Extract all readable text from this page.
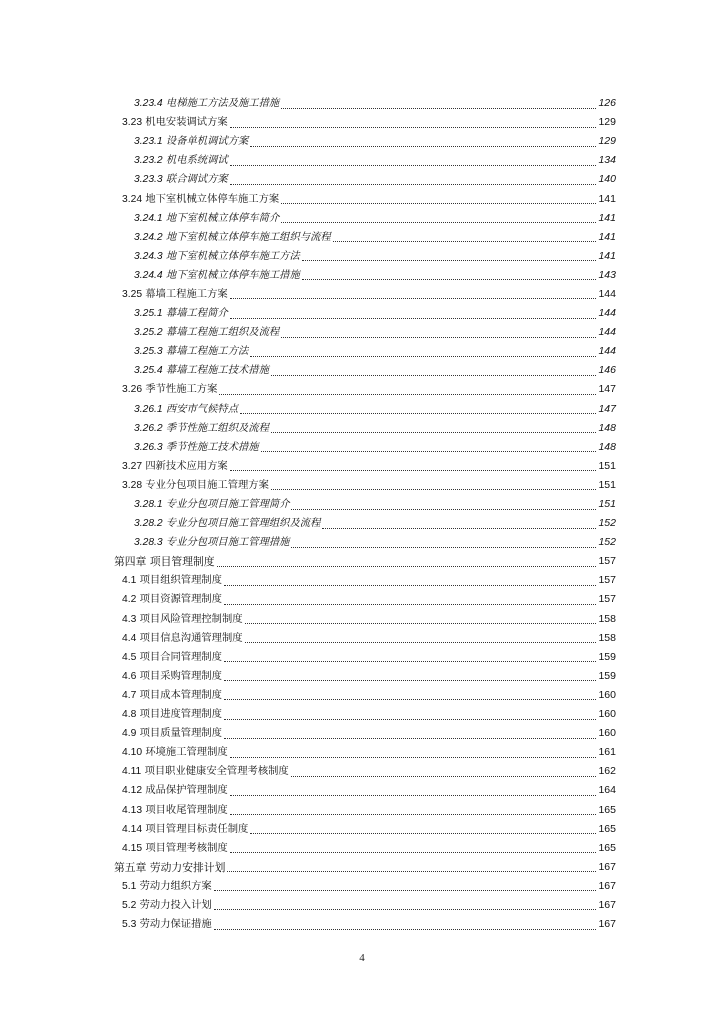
3.23.4 电梯施工方法及施工措施	126
3.23 机电安装调试方案	129
3.23.1 设备单机调试方案	129
3.23.2 机电系统调试	134
3.23.3 联合调试方案	140
3.24 地下室机械立体停车施工方案	141
3.24.1 地下室机械立体停车简介	141
3.24.2 地下室机械立体停车施工组织与流程	141
3.24.3 地下室机械立体停车施工方法	141
3.24.4 地下室机械立体停车施工措施	143
3.25 幕墙工程施工方案	144
3.25.1 幕墙工程简介	144
3.25.2 幕墙工程施工组织及流程	144
3.25.3 幕墙工程施工方法	144
3.25.4 幕墙工程施工技术措施	146
3.26 季节性施工方案	147
3.26.1 西安市气候特点	147
3.26.2 季节性施工组织及流程	148
3.26.3 季节性施工技术措施	148
3.27 四新技术应用方案	151
3.28 专业分包项目施工管理方案	151
3.28.1 专业分包项目施工管理简介	151
3.28.2 专业分包项目施工管理组织及流程	152
3.28.3 专业分包项目施工管理措施	152
第四章 项目管理制度	157
4.1 项目组织管理制度	157
4.2 项目资源管理制度	157
4.3 项目风险管理控制制度	158
4.4 项目信息沟通管理制度	158
4.5 项目合同管理制度	159
4.6 项目采购管理制度	159
4.7 项目成本管理制度	160
4.8 项目进度管理制度	160
4.9 项目质量管理制度	160
4.10 环境施工管理制度	161
4.11 项目职业健康安全管理考核制度	162
4.12 成品保护管理制度	164
4.13 项目收尾管理制度	165
4.14 项目管理目标责任制度	165
4.15 项目管理考核制度	165
第五章 劳动力安排计划	167
5.1 劳动力组织方案	167
5.2 劳动力投入计划	167
5.3 劳动力保证措施	167
4
